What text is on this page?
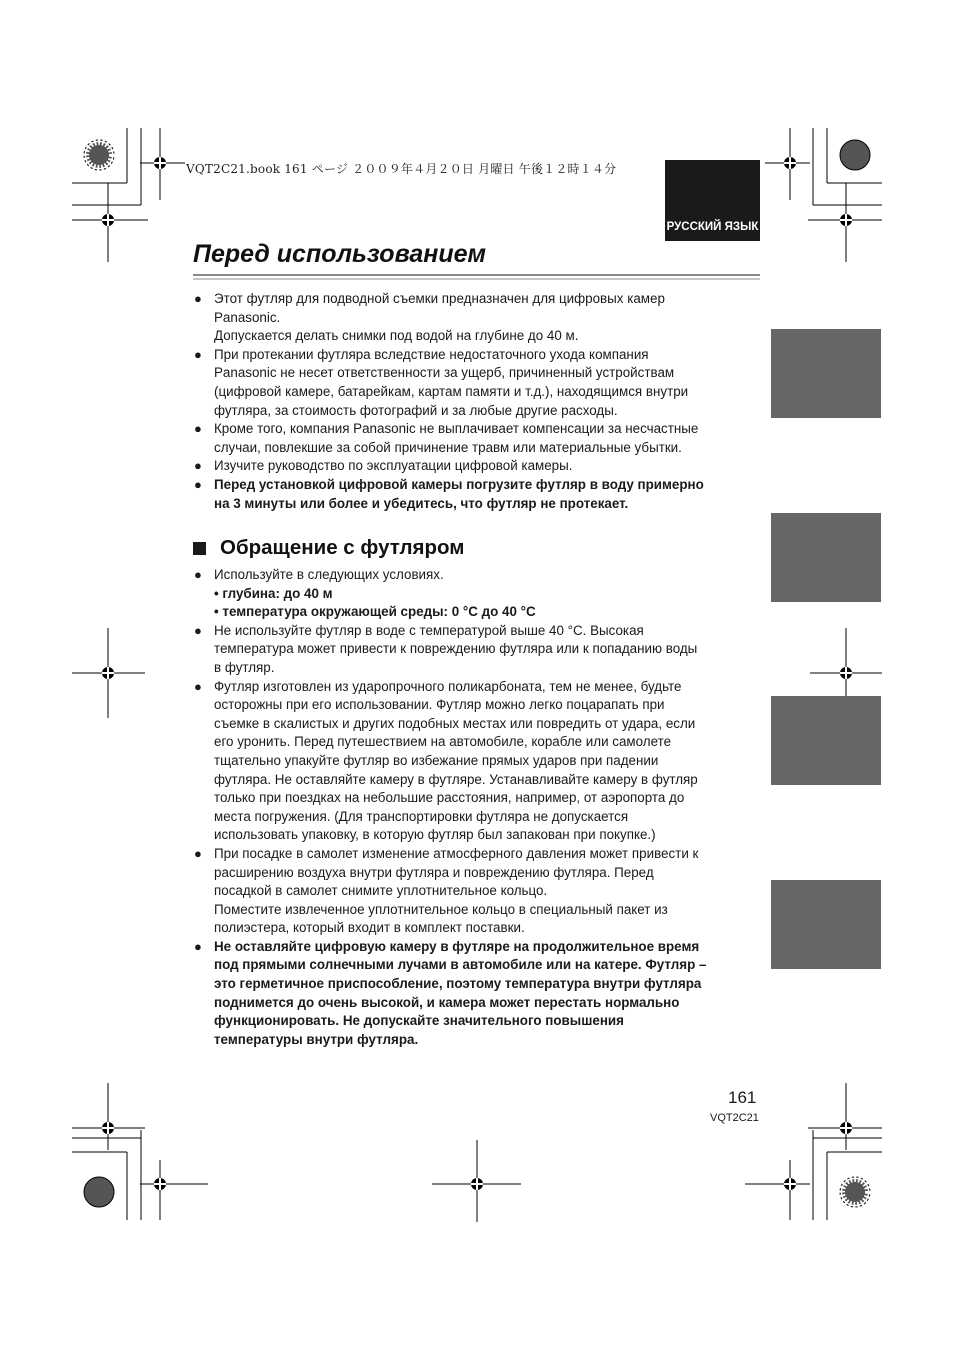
VQT2C21.book 161 ページ ２００９年４月２０日 月曜日 午後１２時１４分
РУССКИЙ ЯЗЫК
Перед использованием
● Этот футляр для подводной съемки предназначен для цифровых камер
Panasonic.
Допускается делать снимки под водой на глубине до 40 м.
● При протекании футляра вследствие недостаточного ухода компания
Panasonic не несет ответственности за ущерб, причиненный устройствам
(цифровой камере, батарейкам, картам памяти и т.д.), находящимся внутри
футляра, за стоимость фотографий и за любые другие расходы.
● Кроме того, компания Panasonic не выплачивает компенсации за несчастные
случаи, повлекшие за собой причинение травм или материальные убытки.
● Изучите руководство по эксплуатации цифровой камеры.
● Перед установкой цифровой камеры погрузите футляр в воду примерно
на 3 минуты или более и убедитесь, что футляр не протекает.
Обращение с футляром
● Используйте в следующих условиях.
• глубина: до 40 м
• температура окружающей среды: 0 °C до 40 °C
● Не используйте футляр в воде с температурой выше 40 °C. Высокая
температура может привести к повреждению футляра или к попаданию воды
в футляр.
● Футляр изготовлен из ударопрочного поликарбоната, тем не менее, будьте
осторожны при его использовании. Футляр можно легко поцарапать при
съемке в скалистых и других подобных местах или повредить от удара, если
его уронить. Перед путешествием на автомобиле, корабле или самолете
тщательно упакуйте футляр во избежание прямых ударов при падении
футляра. Не оставляйте камеру в футляре. Устанавливайте камеру в футляр
только при поездках на небольшие расстояния, например, от аэропорта до
места погружения. (Для транспортировки футляра не допускается
использовать упаковку, в которую футляр был запакован при покупке.)
● При посадке в самолет изменение атмосферного давления может привести к
расширению воздуха внутри футляра и повреждению футляра. Перед
посадкой в самолет снимите уплотнительное кольцо.
Поместите извлеченное уплотнительное кольцо в специальный пакет из
полиэстера, который входит в комплект поставки.
● Не оставляйте цифровую камеру в футляре на продолжительное время
под прямыми солнечными лучами в автомобиле или на катере. Футляр –
это герметичное приспособление, поэтому температура внутри футляра
поднимется до очень высокой, и камера может перестать нормально
функционировать. Не допускайте значительного повышения
температуры внутри футляра.
161
VQT2C21
